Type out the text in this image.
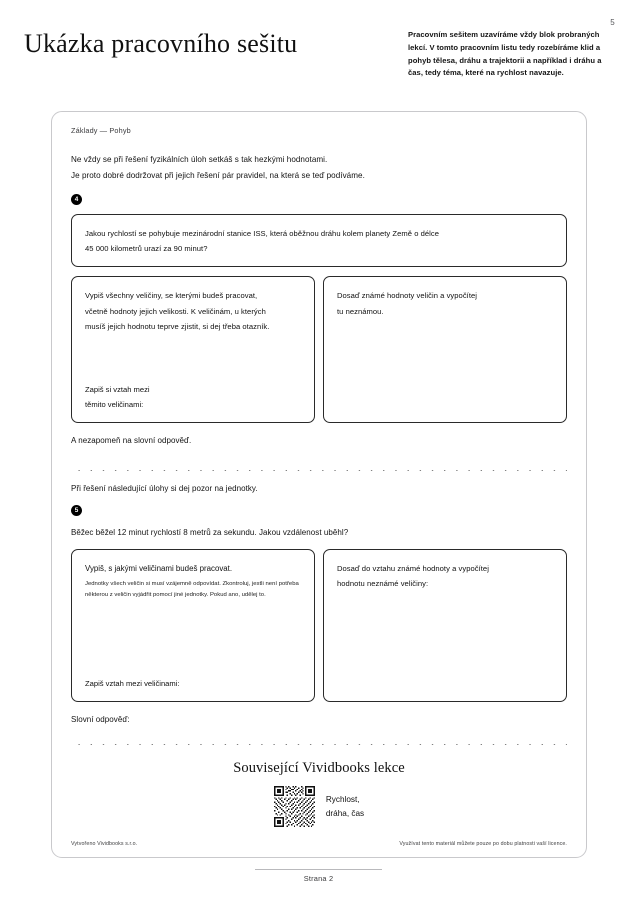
5
Ukázka pracovního sešitu	Pracovním sešitem uzavíráme vždy blok probraných lekcí. V tomto pracovním listu tedy rozebíráme klid a pohyb tělesa, dráhu a trajektorii a například i dráhu a čas, tedy téma, které na rychlost navazuje.
Základy — Pohyb
Ne vždy se při řešení fyzikálních úloh setkáš s tak hezkými hodnotami.
Je proto dobré dodržovat při jejich řešení pár pravidel, na která se teď podíváme.
4
Jakou rychlostí se pohybuje mezinárodní stanice ISS, která oběžnou dráhu kolem planety Země o délce
45 000 kilometrů urazí za 90 minut?
Vypiš všechny veličiny, se kterými budeš pracovat,
včetně hodnoty jejich velikosti. K veličinám, u kterých
musíš jejich hodnotu teprve zjistit, si dej třeba otazník.
Zapiš si vztah mezi
těmito veličinami:
Dosaď známé hodnoty veličin a vypočítej
tu neznámou.
A nezapomeň na slovní odpověď.
Při řešení následující úlohy si dej pozor na jednotky.
5
Běžec běžel 12 minut rychlostí 8 metrů za sekundu. Jakou vzdálenost uběhl?
Vypiš, s jakými veličinami budeš pracovat.
Jednotky všech veličin si musí vzájemně odpovídat. Zkontroluj, jestli není potřeba některou z veličin vyjádřit pomocí jiné jednotky. Pokud ano, udělej to.
Zapiš vztah mezi veličinami:
Dosaď do vztahu známé hodnoty a vypočítej
hodnotu neznámé veličiny:
Slovní odpověď:
Související Vividbooks lekce
Rychlost,
dráha, čas
Vytvořeno Vividbooks s.r.o.	Využívat tento materiál můžete pouze po dobu platnosti vaší licence.
Strana 2
